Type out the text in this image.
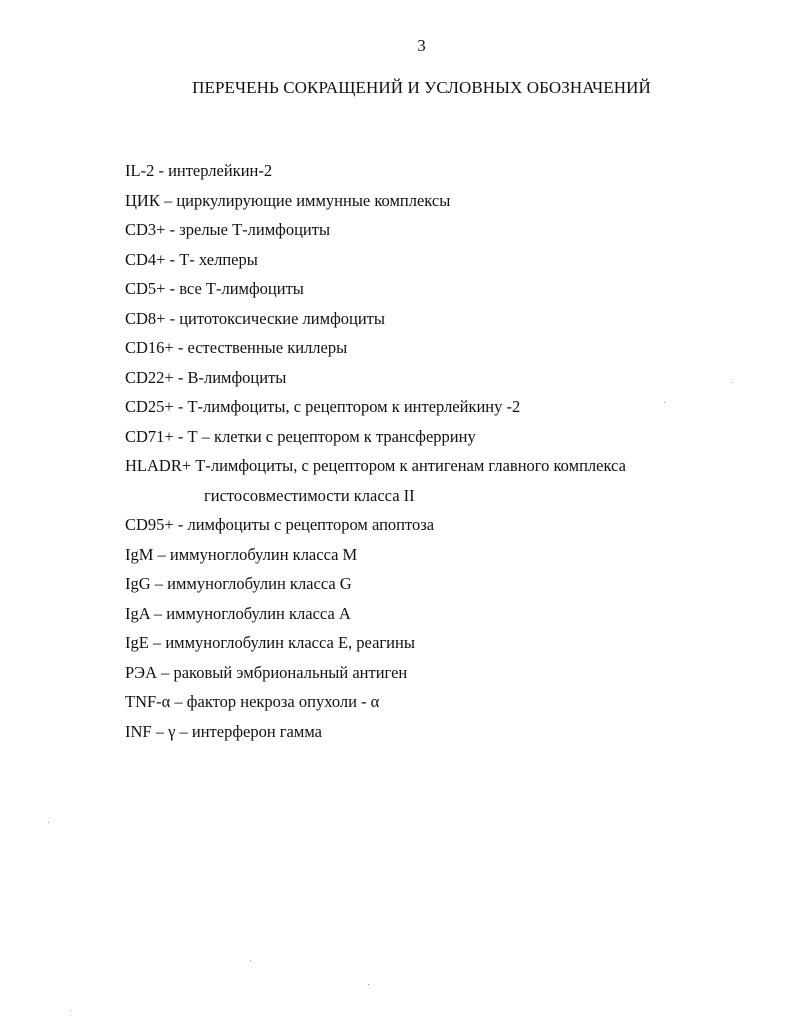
3
ПЕРЕЧЕНЬ СОКРАЩЕНИЙ И УСЛОВНЫХ ОБОЗНАЧЕНИЙ
IL-2 - интерлейкин-2
ЦИК – циркулирующие иммунные комплексы
CD3+ - зрелые Т-лимфоциты
CD4+ - Т- хелперы
CD5+ - все Т-лимфоциты
CD8+ - цитотоксические лимфоциты
CD16+ - естественные киллеры
CD22+ - В-лимфоциты
CD25+ - Т-лимфоциты, с рецептором к интерлейкину -2
CD71+ - Т – клетки с рецептором к трансферрину
HLADR+ Т-лимфоциты, с рецептором к антигенам главного комплекса
гистосовместимости класса II
CD95+ - лимфоциты с рецептором апоптоза
IgM – иммуноглобулин класса М
IgG – иммуноглобулин класса G
IgA – иммуноглобулин класса А
IgE – иммуноглобулин класса Е, реагины
РЭА – раковый эмбриональный антиген
TNF-α – фактор некроза опухоли - α
INF – γ – интерферон гамма
